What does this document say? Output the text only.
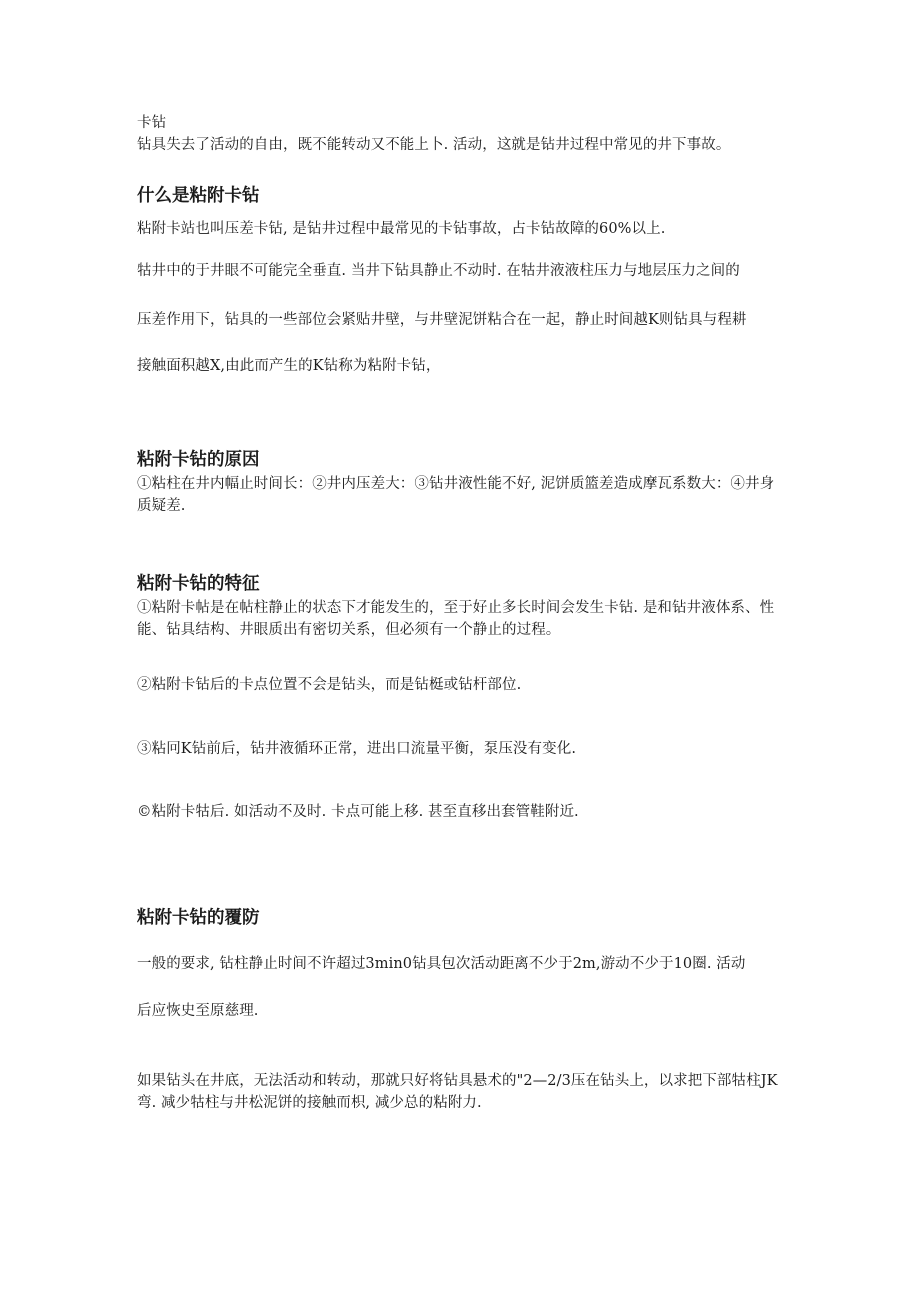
卡钻

钻具失去了活动的自由，既不能转动又不能上卜. 活动，这就是钻井过程中常见的井下事故。

什么是粘附卡钻

粘附卡站也叫压差卡钻, 是钻井过程中最常见的卡钻事故，占卡钻故障的60%以上.

牯井中的于井眼不可能完全垂直. 当井下钻具静止不动时. 在牯井液液柱压力与地层压力之间的

压差作用下，钻具的一些部位会紧贴井壁，与井壁泥饼粘合在一起，静止时间越K则钻具与程耕

接触面积越X,由此而产生的K钻称为粘附卡钻，

粘附卡钻的原因

①粘柱在井内幅止时间长：②井内压差大：③钻井液性能不好, 泥饼质篮差造成摩瓦系数大：④井身质疑差.

粘附卡钻的特征

①粘附卡帖是在帖柱静止的状态下才能发生的，至于好止多长时间会发生卡钻. 是和钻井液体系、性能、钻具结构、井眼质出有密切关系，但必须有一个静止的过程。

②粘附卡钻后的卡点位置不会是钻头，而是钻梃或钻杆部位.

③粘冋K钻前后，钻井液循环正常，进出口流量平衡，泵压没有变化.

©粘附卡牯后. 如活动不及时. 卡点可能上移. 甚至直移出套管鞋附近.

粘附卡钻的覆防

一般的要求, 钻柱静止时间不许超过3min0钻具包次活动距离不少于2m,游动不少于10圈. 活动

后应恢史至原慈理.

如果钻头在井底，无法活动和转动，那就只好将钻具悬术的"2—2/3压在钻头上，以求把下部牯柱JK弯. 减少牯柱与井松泥饼的接触而枳, 减少总的粘附力.
